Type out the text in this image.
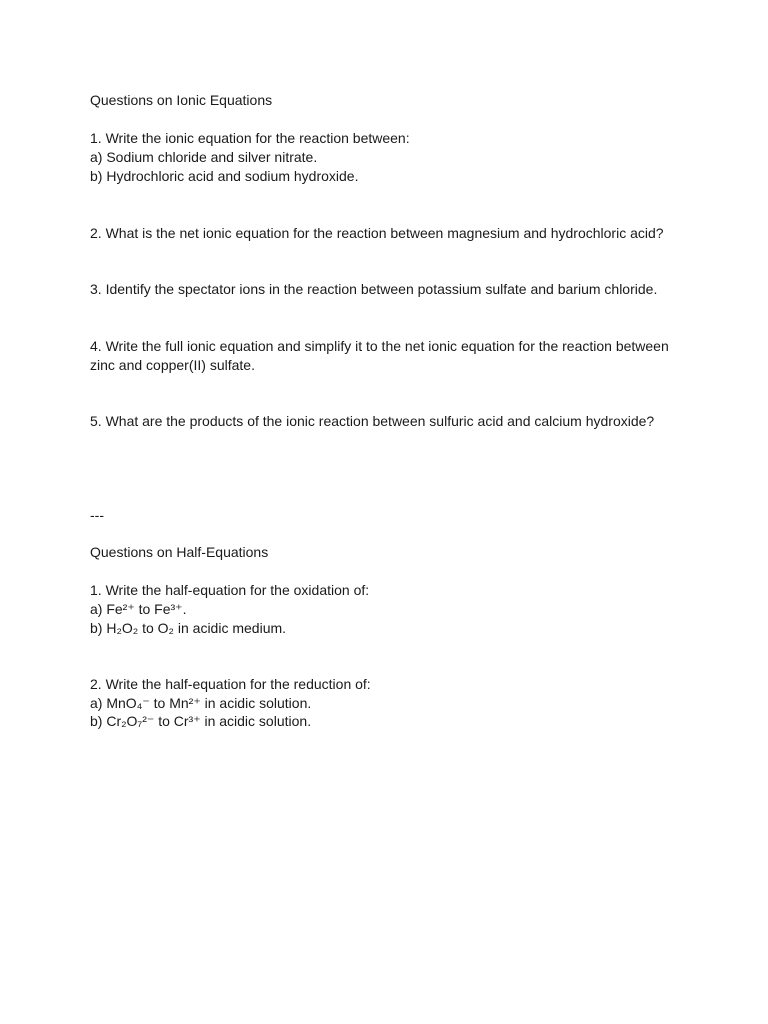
Questions on Ionic Equations
1. Write the ionic equation for the reaction between:
a) Sodium chloride and silver nitrate.
b) Hydrochloric acid and sodium hydroxide.
2. What is the net ionic equation for the reaction between magnesium and hydrochloric acid?
3. Identify the spectator ions in the reaction between potassium sulfate and barium chloride.
4. Write the full ionic equation and simplify it to the net ionic equation for the reaction between
zinc and copper(II) sulfate.
5. What are the products of the ionic reaction between sulfuric acid and calcium hydroxide?
---
Questions on Half-Equations
1. Write the half-equation for the oxidation of:
a) Fe²⁺ to Fe³⁺.
b) H₂O₂ to O₂ in acidic medium.
2. Write the half-equation for the reduction of:
a) MnO₄⁻ to Mn²⁺ in acidic solution.
b) Cr₂O₇²⁻ to Cr³⁺ in acidic solution.
